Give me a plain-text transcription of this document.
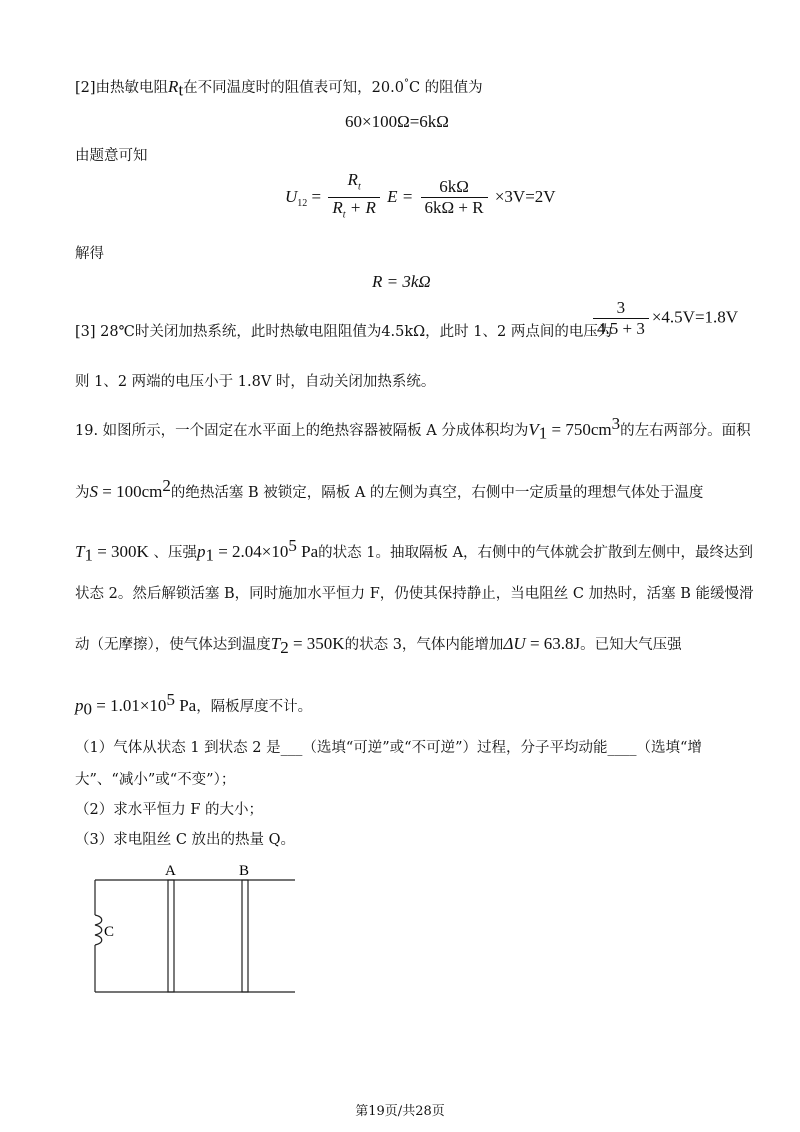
[2]由热敏电阻$R_t$在不同温度时的阻值表可知，20.0°C 的阻值为
60×100Ω=6kΩ
由题意可知
$U_{12} = \frac{R_t}{R_t + R}$ $E = \frac{6k\Omega}{6k\Omega + R} \times 3V=2V$
解得
R = 3kΩ
[3] 28℃时关闭加热系统，此时热敏电阻阻值为4.5kΩ，此时 1、2 两点间的电压为
$\frac{3}{4.5 + 3} \times 4.5V=1.8V$
则 1、2 两端的电压小于 1.8V 时，自动关闭加热系统。
19. 如图所示，一个固定在水平面上的绝热容器被隔板 A 分成体积均为$V_1 = 750cm^3$的左右两部分。面积
为$S = 100cm^2$的绝热活塞 B 被锁定，隔板 A 的左侧为真空，右侧中一定质量的理想气体处于温度
$T_1 = 300K$ 、压强$p_1 = 2.04\times 10^5$ Pa的状态 1。抽取隔板 A，右侧中的气体就会扩散到左侧中，最终达到
状态 2。然后解锁活塞 B，同时施加水平恒力 F，仍使其保持静止，当电阻丝 C 加热时，活塞 B 能缓慢滑
动（无摩擦），使气体达到温度$T_2 = 350K$的状态 3，气体内能增加ΔU = 63.8J。已知大气压强
$p_0 = 1.01\times 10^5$ Pa，隔板厚度不计。
（1）气体从状态 1 到状态 2 是___（选填“可逆”或“不可逆”）过程，分子平均动能____（选填“增
大”、“减小”或“不变”）；
（2）求水平恒力 F 的大小；
（3）求电阻丝 C 放出的热量 Q。
A	B
C
第19页/共28页
